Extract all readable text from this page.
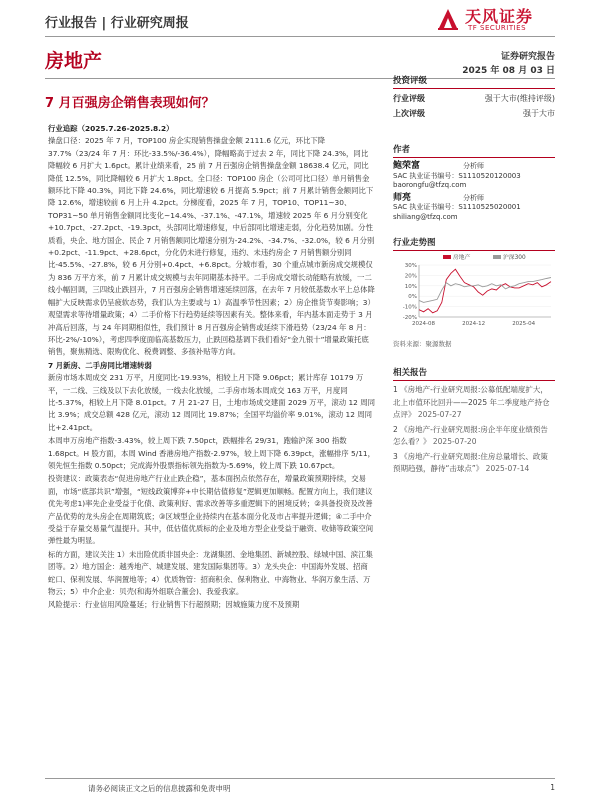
行业报告 | 行业研究周报	天风证券
TF SECURITIES
房地产	证券研究报告
2025 年 08 月 03 日
7 月百强房企销售表现如何？
行业追踪（2025.7.26-2025.8.2）

操盘口径：2025 年 7 月，TOP100 房企实现销售操盘金额 2111.6 亿元，环比下降 37.7%（23/24 年 7 月：环比-33.5%/-36.4%），降幅略高于过去 2 年，同比下降 24.3%，同比降幅较 6 月扩大 1.6pct。累计业绩来看，25 前 7 月百强房企销售操盘金额 18638.4 亿元，同比降低 12.5%，同比降幅较 6 月扩大 1.8pct。全口径：TOP100 房企（公司可比口径）单月销售金额环比下降 40.3%，同比下降 24.6%，同比增速较 6 月提高 5.9pct；前 7 月累计销售金额同比下降 12.6%，增速较前 6 月上升 4.2pct。分梯度看，2025 年 7 月，TOP10、TOP11~30、TOP31~50 单月销售金额同比变化~14.4%、-37.1%、-47.1%，增速较 2025 年 6 月分别变化+10.7pct、-27.2pct、-19.3pct，头部同比增速修复，中后部同比增速走弱，分化趋势加剧。分性质看，央企、地方国企、民企 7 月销售额同比增速分别为-24.2%、-34.7%、-32.0%，较 6 月分别+0.2pct、-11.9pct、+28.6pct，分化仍未进行修复，违约、未违约房企 7 月销售额分别同比-45.5%、-27.8%，较 6 月分别+0.4pct、+6.8pct。分城市看，30 个重点城市新房成交规模仅为 836 万平方米，前 7 月累计成交规模与去年同期基本持平。二手房成交增长动能略有放缓，一二线小幅回调，三四线止跌回升，7 月百强房企销售增速延续回落，在去年 7 月较低基数水平上总体降幅扩大反映需求仍呈疲软态势，我们认为主要或与 1）高温季节性因素；2）房企推货节奏影响；3）观望需求等待增量政策；4）二手价格下行趋势延续等因素有关。整体来看，年内基本面走势于 3 月冲高后回落，与 24 年同期相似性，我们预计 8 月百强房企销售或延续下滑趋势（23/24 年 8 月：环比-2%/-10%），考虑四季度面临高基数压力，止跌回稳基调下我们看好“金九银十”增量政策托底销售，聚焦精选、限购优化、税费调整、多孩补贴等方向。

7 月新房、二手房同比增速转弱

新房市场本周成交 231 万平，月度同比-19.93%，相较上月下降 9.06pct；累计库存 10179 万平，一二线、三线及以下去化放缓，一线去化放缓，二手房市场本周成交 163 万平，月度同比-5.37%，相较上月下降 8.01pct。7 月 21-27 日，土地市场成交建面 2029 万平，滚动 12 周同比 3.9%；成交总额 428 亿元，滚动 12 周同比 19.87%；全国平均溢价率 9.01%，滚动 12 周同比+2.41pct。

本周申万房地产指数-3.43%，较上周下跌 7.50pct，跌幅排名 29/31，跑输沪深 300 指数 1.68pct。H 股方面，本周 Wind 香港房地产指数-2.97%，较上周下降 6.39pct，涨幅排序 5/11，领先恒生指数 0.50pct；完成海外股票指标领先指数为-5.69%，较上周下跌 10.67pct。

投资建议：政策表态“促进房地产行业止跌企稳”，基本面拐点依然存在，增量政策预期持续，交易面，市场“底部共识”增强，“短线政策博弈+中长期估值修复”逻辑更加顺畅。配置方向上，我们建议优先考虑1)率先企业受益于化债、政策利好、需求改善等多重逻辑下的困境反转；②具备投资及改善产品优势的龙头房企在周期筑底；③区域型企业持续内在基本面分化及市占率提升逻辑；④二手中介受益于存量交易量气温提升。其中，低估值优质标的企业及地方型企业受益于融资、收储等政策空间弹性最为明显。

标的方面，建议关注 1）未出险优质非国央企：龙湖集团、金地集团、新城控股、绿城中国、滨江集团等。2）地方国企：越秀地产、城建发展、建发国际集团等。3）龙头央企：中国海外发展、招商蛇口、保利发展、华润置地等；4）优质物管：招商积余、保利物业、中海物业、华润万象生活、万物云；5）中介企业：贝壳(和海外组联合董会)、我爱我家。

风险提示：行业信用风险蔓延；行业销售下行超预期；因城施策力度不及预期

投资评级
行业评级	强于大市(维持评级)
上次评级	强于大市
作者
鲍荣富	分析师
SAC 执业证书编号：S1110520120003
baorongfu@tfzq.com
师亮	分析师
SAC 执业证书编号：S1110525020001
shiliang@tfzq.com
行业走势图
30%
20%
10%
0%
-10%
-20%
2024-08	2024-12	2025-04
房地产	沪深300
资料来源：聚源数据
相关报告
1 《房地产-行业研究周报:公募低配端度扩大，北上市值环比回升——2025 年二季度地产持仓点评》 2025-07-27
2 《房地产-行业研究周报:房企半年度业绩预告怎么看？》 2025-07-20
3 《房地产-行业研究周报:住房总量增长、政策预期趋强，静待“击球点”》 2025-07-14
请务必阅读正文之后的信息披露和免责申明	1
